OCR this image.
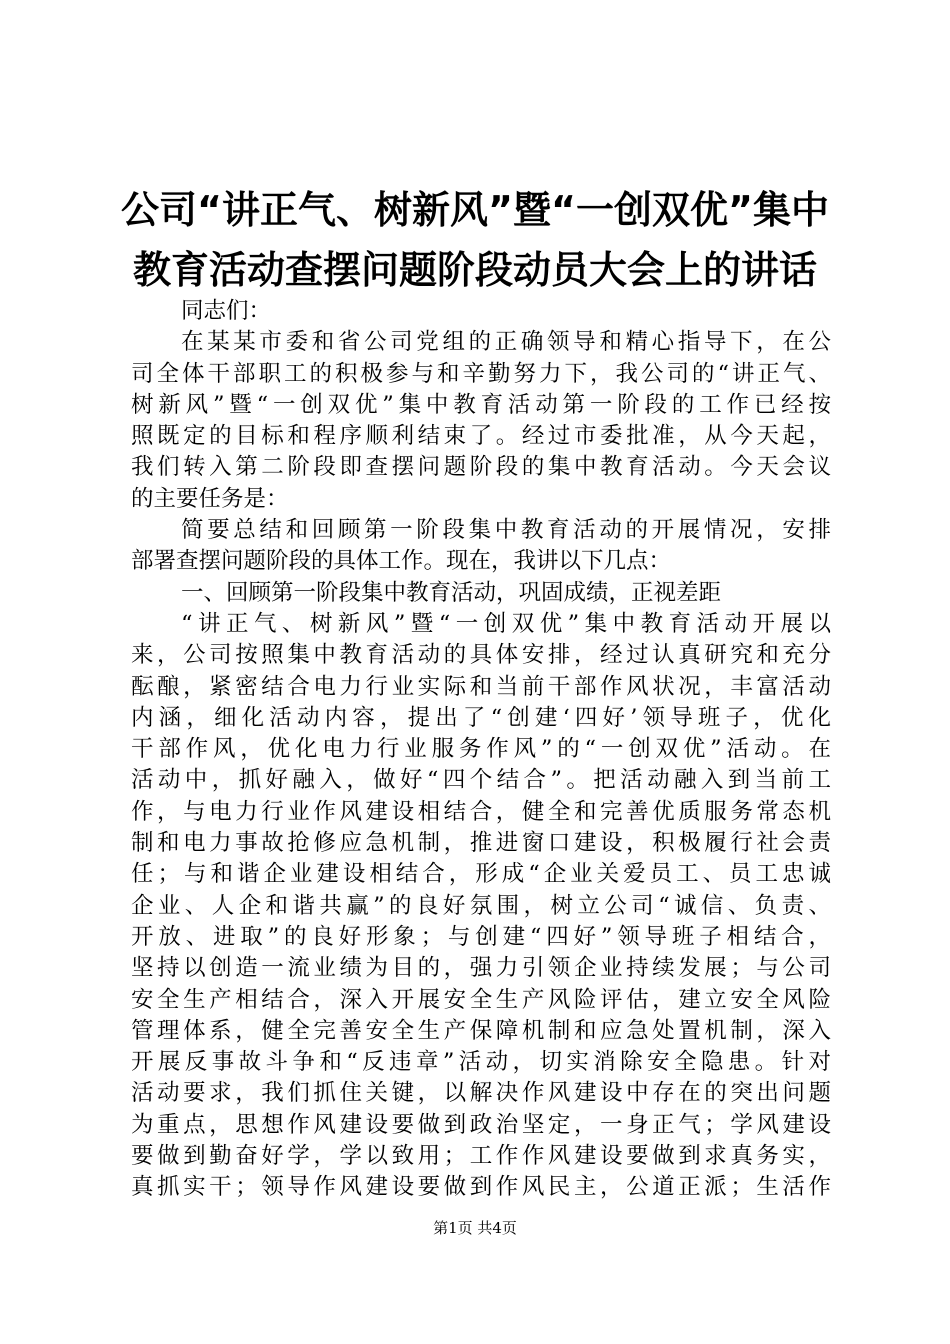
公司“讲正气、树新风”暨“一创双优”集中
教育活动查摆问题阶段动员大会上的讲话
同志们：
在某某市委和省公司党组的正确领导和精心指导下，在公
司全体干部职工的积极参与和辛勤努力下，我公司的“讲正气、
树新风”暨“一创双优”集中教育活动第一阶段的工作已经按
照既定的目标和程序顺利结束了。经过市委批准，从今天起，
我们转入第二阶段即查摆问题阶段的集中教育活动。今天会议
的主要任务是：
简要总结和回顾第一阶段集中教育活动的开展情况，安排
部署查摆问题阶段的具体工作。现在，我讲以下几点：
一、回顾第一阶段集中教育活动，巩固成绩，正视差距
“讲正气、树新风”暨“一创双优”集中教育活动开展以
来，公司按照集中教育活动的具体安排，经过认真研究和充分
酝酿，紧密结合电力行业实际和当前干部作风状况，丰富活动
内涵，细化活动内容，提出了“创建‘四好’领导班子，优化
干部作风，优化电力行业服务作风”的“一创双优”活动。在
活动中，抓好融入，做好“四个结合”。把活动融入到当前工
作，与电力行业作风建设相结合，健全和完善优质服务常态机
制和电力事故抢修应急机制，推进窗口建设，积极履行社会责
任；与和谐企业建设相结合，形成“企业关爱员工、员工忠诚
企业、人企和谐共赢”的良好氛围，树立公司“诚信、负责、
开放、进取”的良好形象；与创建“四好”领导班子相结合，
坚持以创造一流业绩为目的，强力引领企业持续发展；与公司
安全生产相结合，深入开展安全生产风险评估，建立安全风险
管理体系，健全完善安全生产保障机制和应急处置机制，深入
开展反事故斗争和“反违章”活动，切实消除安全隐患。针对
活动要求，我们抓住关键，以解决作风建设中存在的突出问题
为重点，思想作风建设要做到政治坚定，一身正气；学风建设
要做到勤奋好学，学以致用；工作作风建设要做到求真务实，
真抓实干；领导作风建设要做到作风民主，公道正派；生活作
第1页 共4页
